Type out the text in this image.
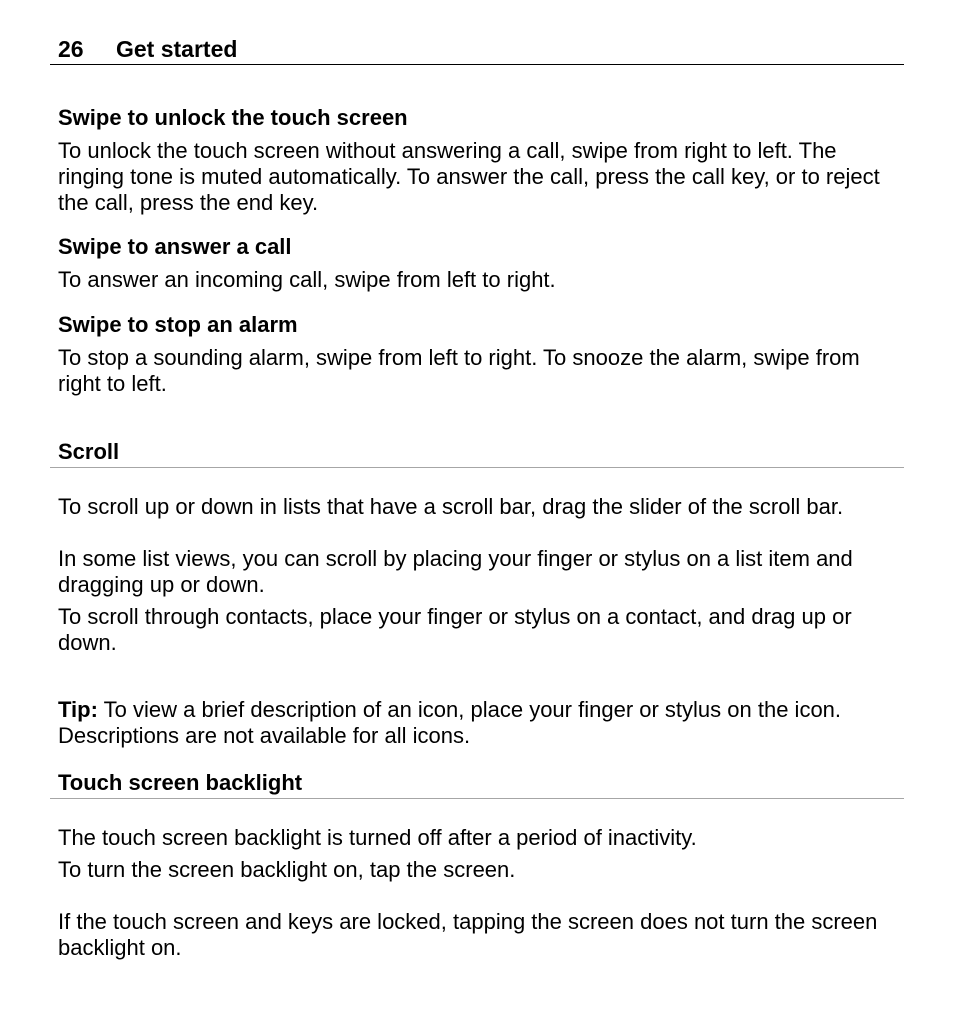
26 Get started
Swipe to unlock the touch screen

To unlock the touch screen without answering a call, swipe from right to left. The ringing tone is muted automatically. To answer the call, press the call key, or to reject the call, press the end key.

Swipe to answer a call

To answer an incoming call, swipe from left to right.

Swipe to stop an alarm

To stop a sounding alarm, swipe from left to right. To snooze the alarm, swipe from right to left.

Scroll

To scroll up or down in lists that have a scroll bar, drag the slider of the scroll bar.

In some list views, you can scroll by placing your finger or stylus on a list item and dragging up or down.

To scroll through contacts, place your finger or stylus on a contact, and drag up or down.

Tip: To view a brief description of an icon, place your finger or stylus on the icon. Descriptions are not available for all icons.

Touch screen backlight

The touch screen backlight is turned off after a period of inactivity.

To turn the screen backlight on, tap the screen.

If the touch screen and keys are locked, tapping the screen does not turn the screen backlight on.
